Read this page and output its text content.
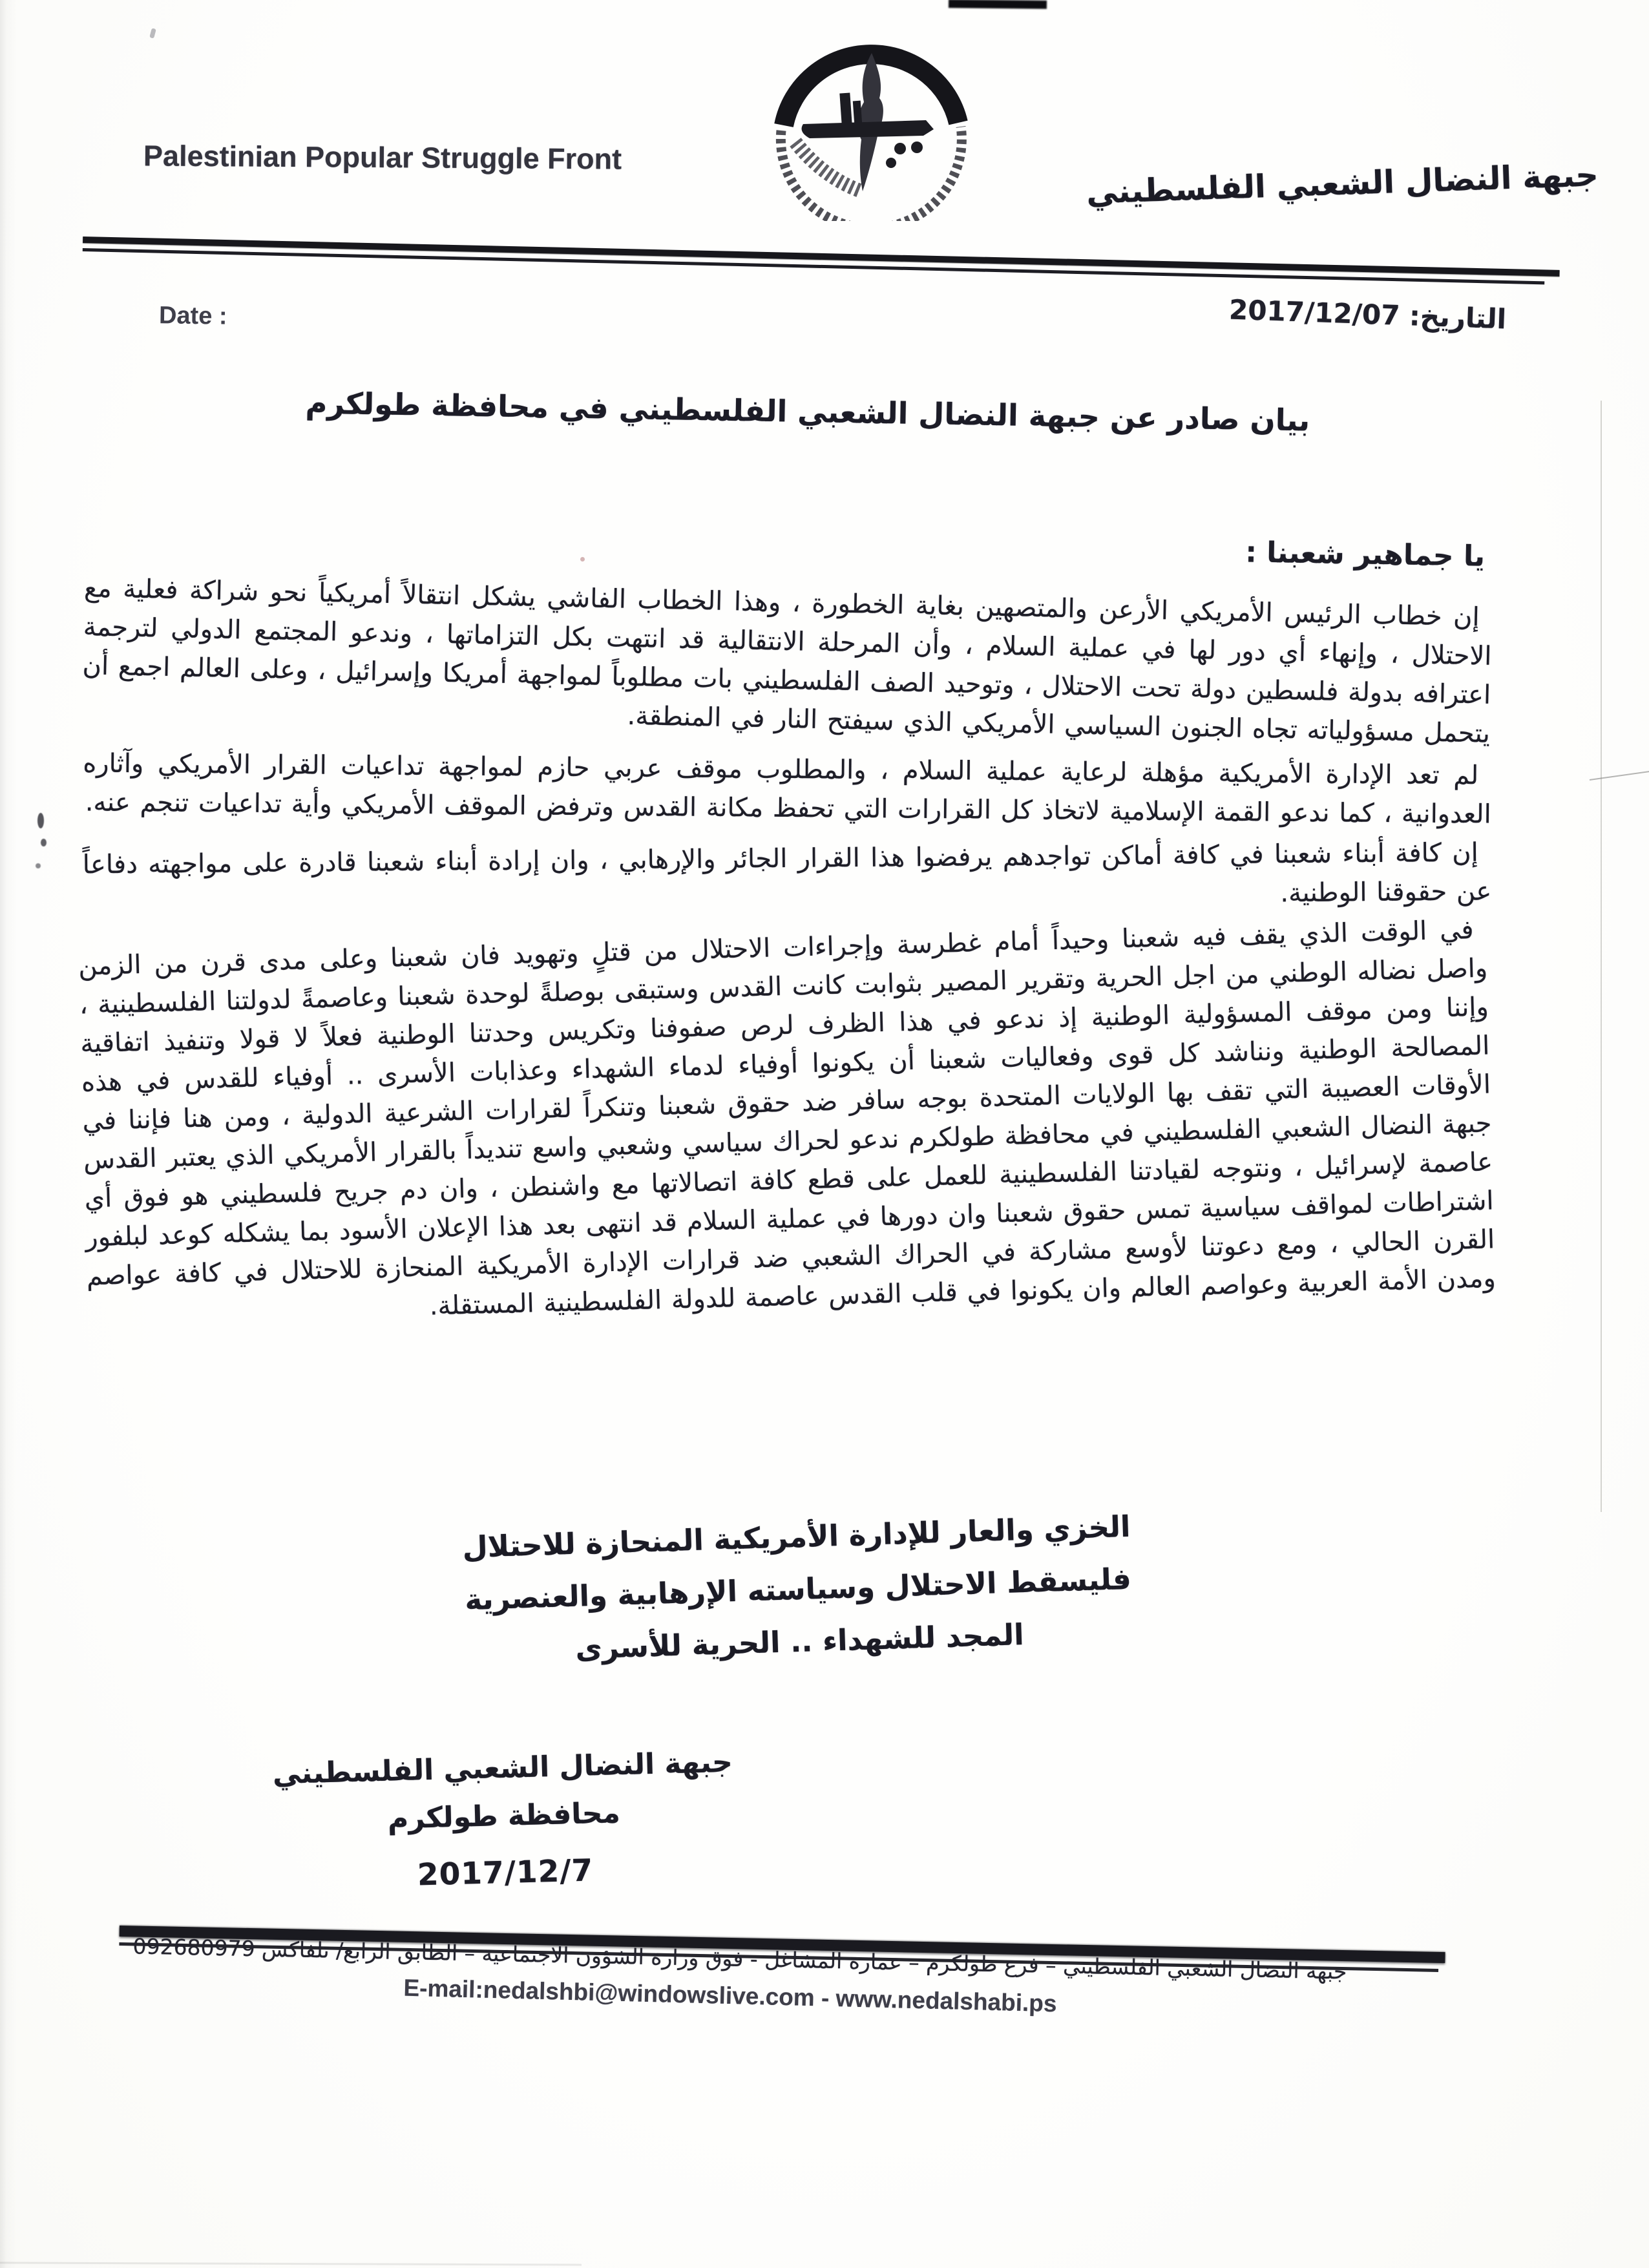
Palestinian Popular Struggle Front	جبهة النضال الشعبي الفلسطيني
Date :	التاريخ: 2017/12/07
بيان صادر عن جبهة النضال الشعبي الفلسطيني في محافظة طولكرم
يا جماهير شعبنا :

إن خطاب الرئيس الأمريكي الأرعن والمتصهين بغاية الخطورة ، وهذا الخطاب الفاشي يشكل انتقالاً أمريكياً نحو شراكة فعلية مع الاحتلال ، وإنهاء أي دور لها في عملية السلام ، وأن المرحلة الانتقالية قد انتهت بكل التزاماتها ، وندعو المجتمع الدولي لترجمة اعترافه بدولة فلسطين دولة تحت الاحتلال ، وتوحيد الصف الفلسطيني بات مطلوباً لمواجهة أمريكا وإسرائيل ، وعلى العالم اجمع أن يتحمل مسؤولياته تجاه الجنون السياسي الأمريكي الذي سيفتح النار في المنطقة.

لم تعد الإدارة الأمريكية مؤهلة لرعاية عملية السلام ، والمطلوب موقف عربي حازم لمواجهة تداعيات القرار الأمريكي وآثاره العدوانية ، كما ندعو القمة الإسلامية لاتخاذ كل القرارات التي تحفظ مكانة القدس وترفض الموقف الأمريكي وأية تداعيات تنجم عنه.

إن كافة أبناء شعبنا في كافة أماكن تواجدهم يرفضوا هذا القرار الجائر والإرهابي ، وان إرادة أبناء شعبنا قادرة على مواجهته دفاعاً عن حقوقنا الوطنية.

في الوقت الذي يقف فيه شعبنا وحيداً أمام غطرسة وإجراءات الاحتلال من قتلٍ وتهويد فان شعبنا وعلى مدى قرن من الزمن واصل نضاله الوطني من اجل الحرية وتقرير المصير بثوابت كانت القدس وستبقى بوصلةً لوحدة شعبنا وعاصمةً لدولتنا الفلسطينية ، وإننا ومن موقف المسؤولية الوطنية إذ ندعو في هذا الظرف لرص صفوفنا وتكريس وحدتنا الوطنية فعلاً لا قولا وتنفيذ اتفاقية المصالحة الوطنية ونناشد كل قوى وفعاليات شعبنا أن يكونوا أوفياء لدماء الشهداء وعذابات الأسرى .. أوفياء للقدس في هذه الأوقات العصيبة التي تقف بها الولايات المتحدة بوجه سافر ضد حقوق شعبنا وتنكراً لقرارات الشرعية الدولية ، ومن هنا فإننا في جبهة النضال الشعبي الفلسطيني في محافظة طولكرم ندعو لحراك سياسي وشعبي واسع تنديداً بالقرار الأمريكي الذي يعتبر القدس عاصمة لإسرائيل ، ونتوجه لقيادتنا الفلسطينية للعمل على قطع كافة اتصالاتها مع واشنطن ، وان دم جريح فلسطيني هو فوق أي اشتراطات لمواقف سياسية تمس حقوق شعبنا وان دورها في عملية السلام قد انتهى بعد هذا الإعلان الأسود بما يشكله كوعد لبلفور القرن الحالي ، ومع دعوتنا لأوسع مشاركة في الحراك الشعبي ضد قرارات الإدارة الأمريكية المنحازة للاحتلال في كافة عواصم ومدن الأمة العربية وعواصم العالم وان يكونوا في قلب القدس عاصمة للدولة الفلسطينية المستقلة.

الخزي والعار للإدارة الأمريكية المنحازة للاحتلال
فليسقط الاحتلال وسياسته الإرهابية والعنصرية
المجد للشهداء .. الحرية للأسرى
جبهة النضال الشعبي الفلسطيني
محافظة طولكرم
2017/12/7
جبهة النضال الشعبي الفلسطيني – فرع طولكرم – عمارة المشاغل - فوق وزارة الشؤون الاجتماعية – الطابق الرابع/ تلفاكس 092680979
E-mail:nedalshbi@windowslive.com - www.nedalshabi.ps
